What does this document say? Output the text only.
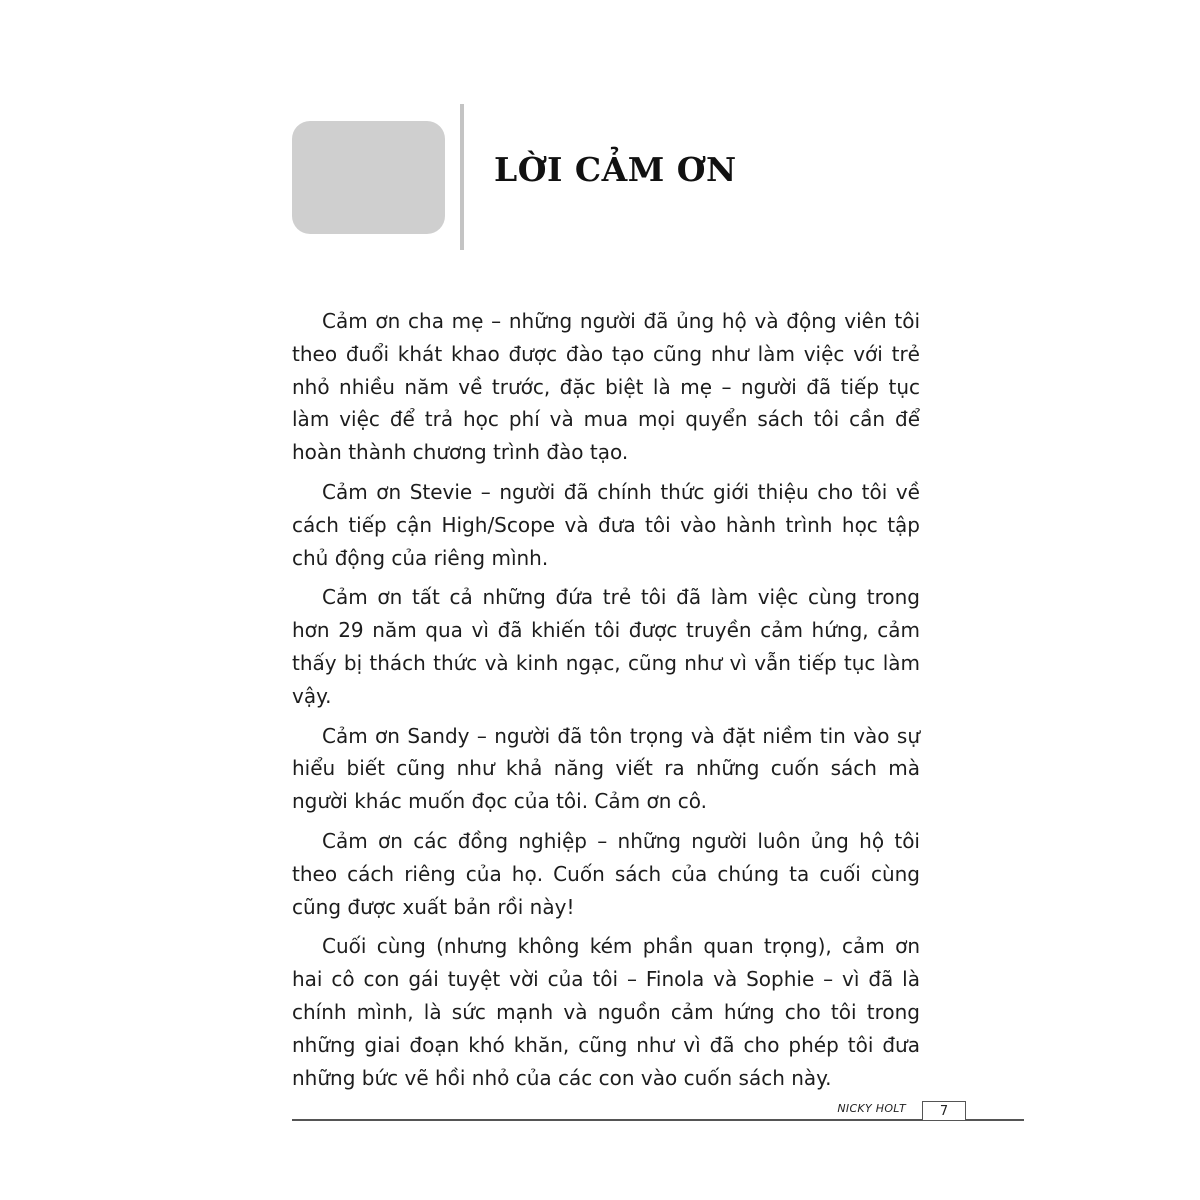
LỜI CẢM ƠN

Cảm ơn cha mẹ – những người đã ủng hộ và động viên tôi theo đuổi khát khao được đào tạo cũng như làm việc với trẻ nhỏ nhiều năm về trước, đặc biệt là mẹ – người đã tiếp tục làm việc để trả học phí và mua mọi quyển sách tôi cần để hoàn thành chương trình đào tạo.

Cảm ơn Stevie – người đã chính thức giới thiệu cho tôi về cách tiếp cận High/Scope và đưa tôi vào hành trình học tập chủ động của riêng mình.

Cảm ơn tất cả những đứa trẻ tôi đã làm việc cùng trong hơn 29 năm qua vì đã khiến tôi được truyền cảm hứng, cảm thấy bị thách thức và kinh ngạc, cũng như vì vẫn tiếp tục làm vậy.

Cảm ơn Sandy – người đã tôn trọng và đặt niềm tin vào sự hiểu biết cũng như khả năng viết ra những cuốn sách mà người khác muốn đọc của tôi. Cảm ơn cô.

Cảm ơn các đồng nghiệp – những người luôn ủng hộ tôi theo cách riêng của họ. Cuốn sách của chúng ta cuối cùng cũng được xuất bản rồi này!

Cuối cùng (nhưng không kém phần quan trọng), cảm ơn hai cô con gái tuyệt vời của tôi – Finola và Sophie – vì đã là chính mình, là sức mạnh và nguồn cảm hứng cho tôi trong những giai đoạn khó khăn, cũng như vì đã cho phép tôi đưa những bức vẽ hồi nhỏ của các con vào cuốn sách này.

NICKY HOLT	7
